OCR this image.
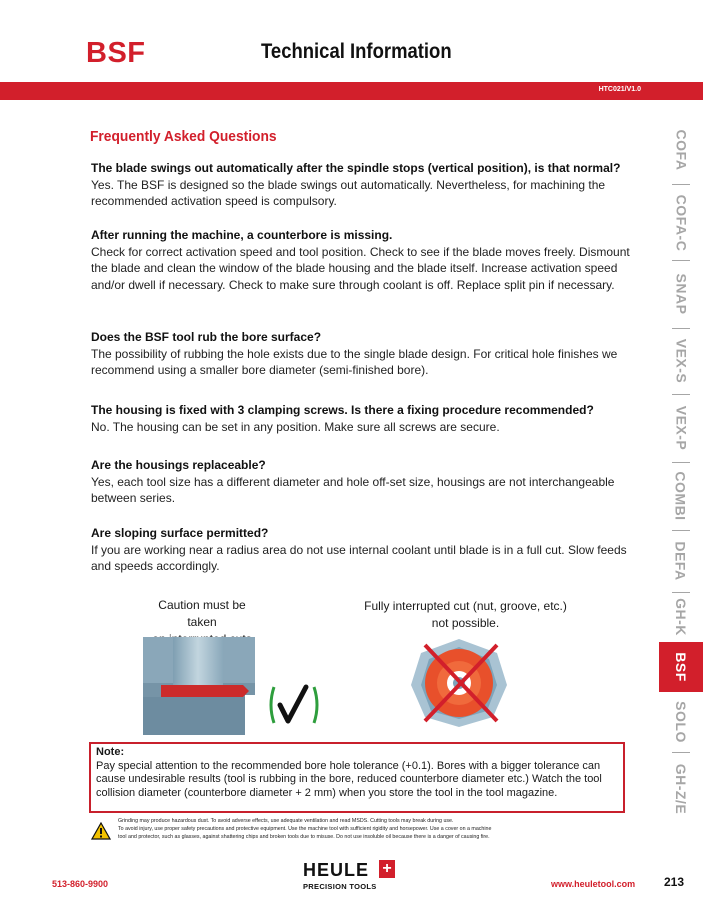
BSF	Technical Information
HTC021/V1.0
Frequently Asked Questions
The blade swings out automatically after the spindle stops (vertical position), is that normal?
Yes. The BSF is designed so the blade swings out automatically. Nevertheless, for machining the recommended activation speed is compulsory.
After running the machine, a counterbore is missing.
Check for correct activation speed and tool position. Check to see if the blade moves freely. Dismount the blade and clean the window of the blade housing and the blade itself. Increase activation speed and/or dwell if necessary. Check to make sure through coolant is off. Replace split pin if necessary.
Does the BSF tool rub the bore surface?
The possibility of rubbing the hole exists due to the single blade design. For critical hole finishes we recommend using a smaller bore diameter (semi-finished bore).
The housing is fixed with 3 clamping screws. Is there a fixing procedure recommended?
No. The housing can be set in any position. Make sure all screws are secure.
Are the housings replaceable?
Yes, each tool size has a different diameter and hole off-set size, housings are not interchangeable between series.
Are sloping surface permitted?
If you are working near a radius area do not use internal coolant until blade is in a full cut. Slow feeds and speeds accordingly.
Caution must be taken
Fully interrupted cut (nut, groove, etc.)
not possible.
Note:
Pay special attention to the recommended bore hole tolerance (+0.1). Bores with a bigger tolerance can cause undesirable results (tool is rubbing in the bore, reduced counterbore diameter etc.) Watch the tool collision diameter (counterbore diameter + 2 mm) when you store the tool in the tool magazine.
Grinding may produce hazardous dust. To avoid adverse effects, use adequate ventilation and read MSDS. Cutting tools may break during use.
To avoid injury, use proper safety precautions and protective equipment. Use the machine tool with sufficient rigidity and horsepower. Use a cover on a machine
tool and protector, such as glasses, against shattering chips and broken tools due to misuse. Do not use insoluble oil because there is a danger of causing fire.
COFA
COFA-C
SNAP
VEX-S
VEX-P
COMBI
DEFA
GH-K
BSF
SOLO
GH-Z/E
513-860-9900
HEULE +
PRECISION TOOLS	www.heuletool.com 213
